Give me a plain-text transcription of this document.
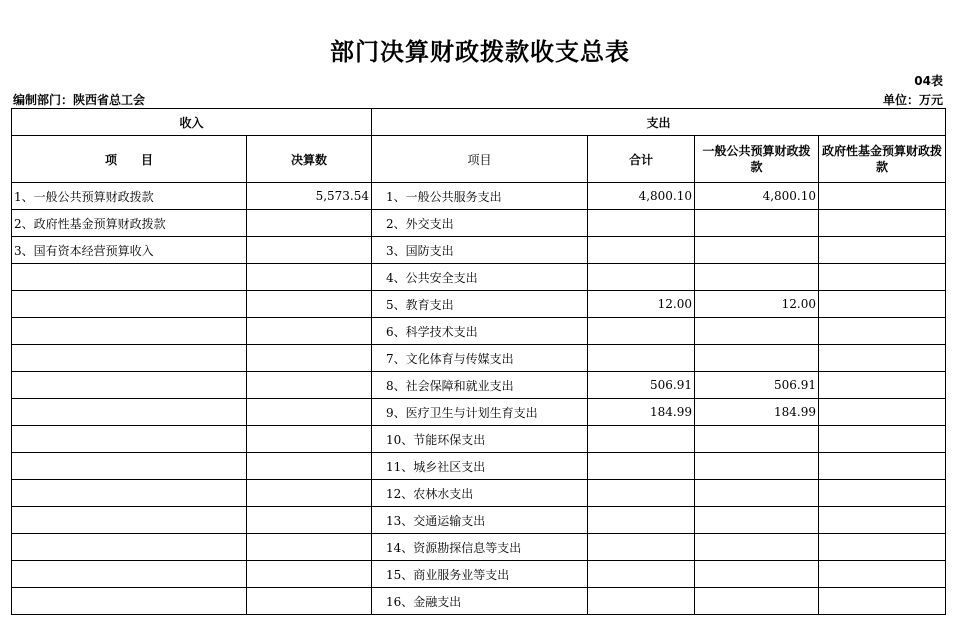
部门决算财政拨款收支总表
04表
编制部门：陕西省总工会	单位：万元
收入		支出			
项　　目	决算数	项目	合计	一般公共预算财政拨款	政府性基金预算财政拨款
1、一般公共预算财政拨款	5,573.54	1、一般公共服务支出	4,800.10	4,800.10	
2、政府性基金预算财政拨款		2、外交支出			
3、国有资本经营预算收入		3、国防支出			
		4、公共安全支出			
		5、教育支出	12.00	12.00	
		6、科学技术支出			
		7、文化体育与传媒支出			
		8、社会保障和就业支出	506.91	506.91	
		9、医疗卫生与计划生育支出	184.99	184.99	
		10、节能环保支出			
		11、城乡社区支出			
		12、农林水支出			
		13、交通运输支出			
		14、资源勘探信息等支出			
		15、商业服务业等支出			
		16、金融支出			
